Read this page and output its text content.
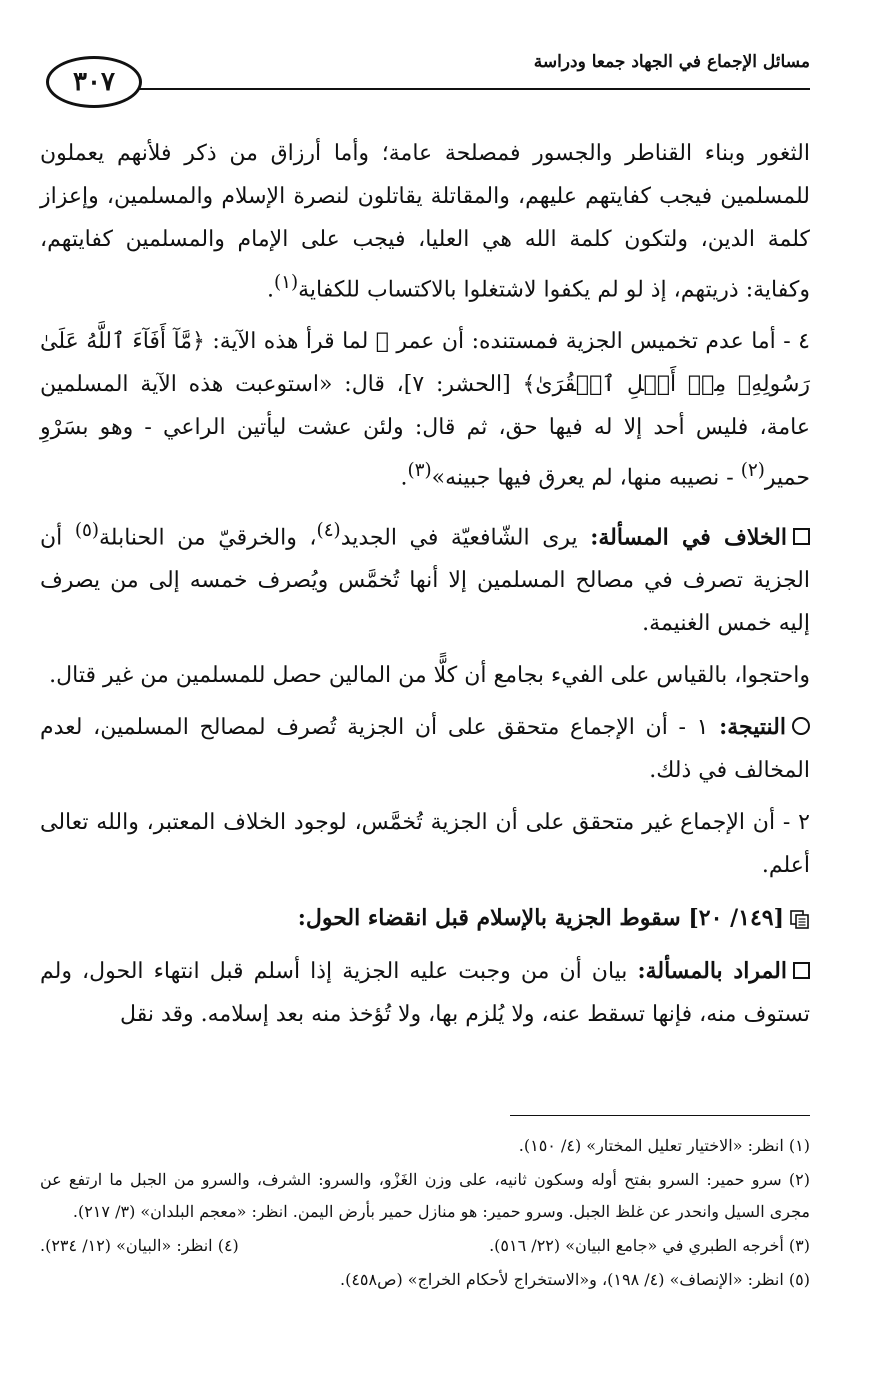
مسائل الإجماع في الجهاد جمعا ودراسة
٣٠٧

الثغور وبناء القناطر والجسور فمصلحة عامة؛ وأما أرزاق من ذكر فلأنهم يعملون للمسلمين فيجب كفايتهم عليهم، والمقاتلة يقاتلون لنصرة الإسلام والمسلمين، وإعزاز كلمة الدين، ولتكون كلمة الله هي العليا، فيجب على الإمام والمسلمين كفايتهم، وكفاية: ذريتهم، إذ لو لم يكفوا لاشتغلوا بالاكتساب للكفاية$^{(١)}$.

٤ - أما عدم تخميس الجزية فمستنده: أن عمر ﵁ لما قرأ هذه الآية: ﴿مَّآ أَفَآءَ ٱللَّهُ عَلَىٰ رَسُولِهِۦ مِنۡ أَهۡلِ ٱلۡقُرَىٰ﴾ [الحشر: ٧]، قال: «استوعبت هذه الآية المسلمين عامة، فليس أحد إلا له فيها حق، ثم قال: ولئن عشت ليأتين الراعي - وهو بسَرْوِ حمير$^{(٢)}$ - نصيبه منها، لم يعرق فيها جبينه»$^{(٣)}$.

الخلاف في المسألة: يرى الشّافعيّة في الجديد$^{(٤)}$، والخرقيّ من الحنابلة$^{(٥)}$ أن الجزية تصرف في مصالح المسلمين إلا أنها تُخمَّس ويُصرف خمسه إلى من يصرف إليه خمس الغنيمة.

واحتجوا، بالقياس على الفيء بجامع أن كلًّا من المالين حصل للمسلمين من غير قتال.

النتيجة: ١ - أن الإجماع متحقق على أن الجزية تُصرف لمصالح المسلمين، لعدم المخالف في ذلك.

٢ - أن الإجماع غير متحقق على أن الجزية تُخمَّس، لوجود الخلاف المعتبر، والله تعالى أعلم.

[١٤٩/ ٢٠] سقوط الجزية بالإسلام قبل انقضاء الحول:

المراد بالمسألة: بيان أن من وجبت عليه الجزية إذا أسلم قبل انتهاء الحول، ولم تستوف منه، فإنها تسقط عنه، ولا يُلزم بها، ولا تُؤخذ منه بعد إسلامه. وقد نقل

(١) انظر: «الاختيار تعليل المختار» (٤/ ١٥٠).

(٢) سرو حمير: السرو بفتح أوله وسكون ثانيه، على وزن الغَزْو، والسرو: الشرف، والسرو من الجبل ما ارتفع عن مجرى السيل وانحدر عن غلظ الجبل. وسرو حمير: هو منازل حمير بأرض اليمن. انظر: «معجم البلدان» (٣/ ٢١٧).

(٣) أخرجه الطبري في «جامع البيان» (٢٢/ ٥١٦).
(٤) انظر: «البيان» (١٢/ ٢٣٤).

(٥) انظر: «الإنصاف» (٤/ ١٩٨)، و«الاستخراج لأحكام الخراج» (ص٤٥٨).
